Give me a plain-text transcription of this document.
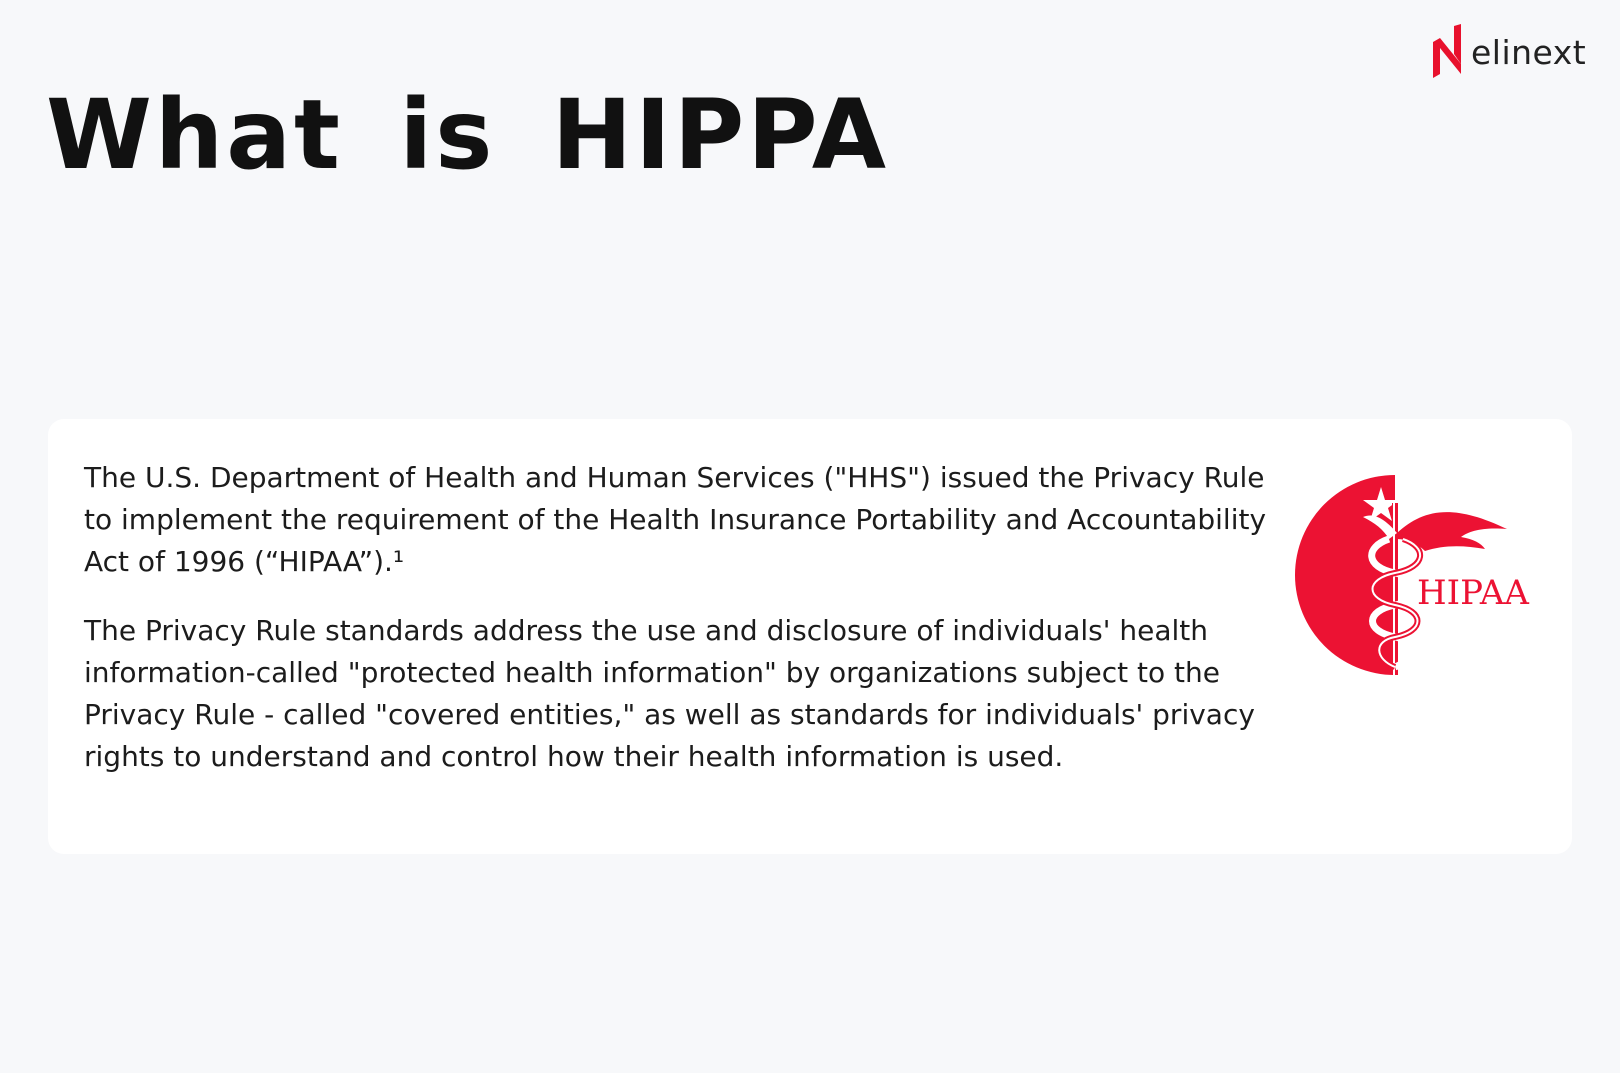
elinext
What is HIPPA

The U.S. Department of Health and Human Services ("HHS") issued the Privacy Rule to implement the requirement of the Health Insurance Portability and Accountability Act of 1996 (“HIPAA”).¹

The Privacy Rule standards address the use and disclosure of individuals' health information-called "protected health information" by organizations subject to the Privacy Rule - called "covered entities," as well as standards for individuals' privacy rights to understand and control how their health information is used.

HIPAA
